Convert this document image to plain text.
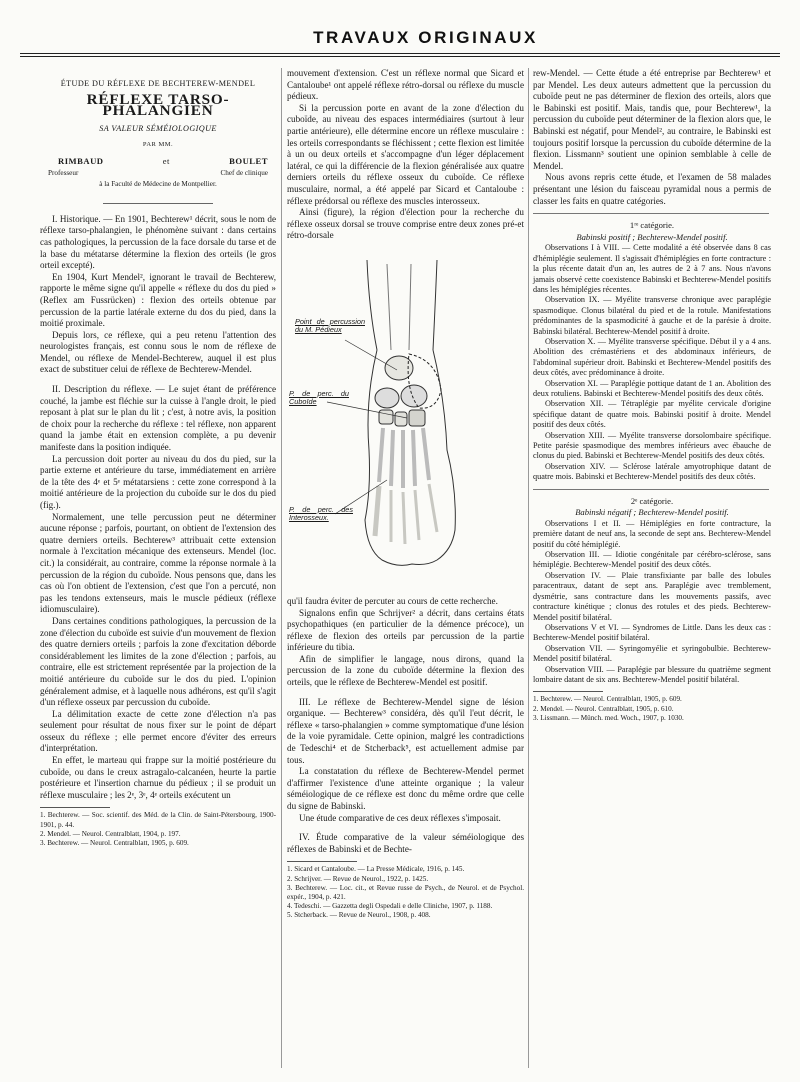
TRAVAUX ORIGINAUX
ÉTUDE DU RÉFLEXE DE BECHTEREW-MENDEL
RÉFLEXE TARSO-PHALANGIEN
SA VALEUR SÉMÉIOLOGIQUE
PAR MM.
RIMBAUD	et	BOULET
Professeur	Chef de clinique
à la Faculté de Médecine de Montpellier.

I. Historique. — En 1901, Bechterew¹ décrit, sous le nom de réflexe tarso-phalangien, le phénomène suivant : dans certains cas pathologiques, la percussion de la face dorsale du tarse et de la base du métatarse détermine la flexion des orteils (le gros orteil excepté).

En 1904, Kurt Mendel², ignorant le travail de Bechterew, rapporte le même signe qu'il appelle « réflexe du dos du pied » (Reflex am Fussrücken) : flexion des orteils obtenue par percussion de la partie latérale externe du dos du pied, dans la moitié proximale.

Depuis lors, ce réflexe, qui a peu retenu l'attention des neurologistes français, est connu sous le nom de réflexe de Mendel, ou réflexe de Mendel-Bechterew, auquel il est plus exact de substituer celui de réflexe de Bechterew-Mendel.

II. Description du réflexe. — Le sujet étant de préférence couché, la jambe est fléchie sur la cuisse à l'angle droit, le pied reposant à plat sur le plan du lit ; c'est, à notre avis, la position de choix pour la recherche du réflexe : tel réflexe, non apparent quand la jambe était en extension complète, a pu devenir manifeste dans la position indiquée.

La percussion doit porter au niveau du dos du pied, sur la partie externe et antérieure du tarse, immédiatement en arrière de la tête des 4ᵉ et 5ᵉ métatarsiens : cette zone correspond à la moitié antérieure de la projection du cuboïde sur le dos du pied (fig.).

Normalement, une telle percussion peut ne déterminer aucune réponse ; parfois, pourtant, on obtient de l'extension des quatre derniers orteils. Bechterew³ attribuait cette extension normale à l'excitation mécanique des extenseurs. Mendel (loc. cit.) la considérait, au contraire, comme la réponse normale à la percussion de la région du cuboïde. Nous pensons que, dans les cas où l'on obtient de l'extension, c'est que l'on a percuté, non pas les tendons extenseurs, mais le muscle pédieux (réflexe idiomusculaire).

Dans certaines conditions pathologiques, la percussion de la zone d'élection du cuboïde est suivie d'un mouvement de flexion des quatre derniers orteils ; parfois la zone d'excitation déborde considérablement les limites de la zone d'élection ; parfois, au contraire, elle est strictement représentée par la projection de la moitié antérieure du cuboïde sur le dos du pied. L'opinion généralement admise, et à laquelle nous adhérons, est qu'il s'agit d'un réflexe osseux par percussion du cuboïde.

La délimitation exacte de cette zone d'élection n'a pas seulement pour résultat de nous fixer sur le point de départ osseux du réflexe ; elle permet encore d'éviter des erreurs d'interprétation.

En effet, le marteau qui frappe sur la moitié postérieure du cuboïde, ou dans le creux astragalo-calcanéen, heurte la partie postérieure et l'insertion charnue du pédieux ; il se produit un réflexe musculaire ; les 2ᵉ, 3ᵉ, 4ᵉ orteils exécutent un

1. Bechterew. — Soc. scientif. des Méd. de la Clin. de Saint-Pétersbourg, 1900-1901, p. 44.

2. Mendel. — Neurol. Centralblatt, 1904, p. 197.

3. Bechterew. — Neurol. Centralblatt, 1905, p. 609.

mouvement d'extension. C'est un réflexe normal que Sicard et Cantaloube¹ ont appelé réflexe rétro-dorsal ou réflexe du muscle pédieux.

Si la percussion porte en avant de la zone d'élection du cuboïde, au niveau des espaces intermédiaires (surtout à leur partie antérieure), elle détermine encore un réflexe musculaire : les orteils correspondants se fléchissent ; cette flexion est limitée à un ou deux orteils et s'accompagne d'un léger déplacement latéral, ce qui la différencie de la flexion généralisée aux quatre derniers orteils du réflexe osseux du cuboïde. Ce réflexe musculaire, normal, a été appelé par Sicard et Cantaloube : réflexe prédorsal ou réflexe des muscles interosseux.

Ainsi (figure), la région d'élection pour la recherche du réflexe osseux dorsal se trouve comprise entre deux zones pré-et rétro-dorsale

Point de percussion du M. Pédieux
P. de perc. du Cuboïde
P. de perc. des Interosseux.

qu'il faudra éviter de percuter au cours de cette recherche.

Signalons enfin que Schrijver² a décrit, dans certains états psychopathiques (en particulier de la démence précoce), un réflexe de flexion des orteils par percussion de la partie inférieure du tibia.

Afin de simplifier le langage, nous dirons, quand la percussion de la zone du cuboïde détermine la flexion des orteils, que le réflexe de Bechterew-Mendel est positif.

III. Le réflexe de Bechterew-Mendel signe de lésion organique. — Bechterew³ considéra, dès qu'il l'eut décrit, le réflexe « tarso-phalangien » comme symptomatique d'une lésion de la voie pyramidale. Cette opinion, malgré les contradictions de Tedeschi⁴ et de Stcherback⁵, est actuellement admise par tous.

La constatation du réflexe de Bechterew-Mendel permet d'affirmer l'existence d'une atteinte organique ; la valeur séméiologique de ce réflexe est donc du même ordre que celle du signe de Babinski.

Une étude comparative de ces deux réflexes s'imposait.

IV. Étude comparative de la valeur séméiologique des réflexes de Babinski et de Bechte-

1. Sicard et Cantaloube. — La Presse Médicale, 1916, p. 145.

2. Schrijver. — Revue de Neurol., 1922, p. 1425.

3. Bechterew. — Loc. cit., et Revue russe de Psych., de Neurol. et de Psychol. expér., 1904, p. 421.

4. Tedeschi. — Gazzetta degli Ospedali e delle Cliniche, 1907, p. 1188.

5. Stcherback. — Revue de Neurol., 1908, p. 408.

rew-Mendel. — Cette étude a été entreprise par Bechterew¹ et par Mendel. Les deux auteurs admettent que la percussion du cuboïde peut ne pas déterminer de flexion des orteils, alors que le Babinski est positif. Mais, tandis que, pour Bechterew¹, la percussion du cuboïde peut déterminer de la flexion alors que, le Babinski est négatif, pour Mendel², au contraire, le Babinski est toujours positif lorsque la percussion du cuboïde détermine de la flexion. Lissmann³ soutient une opinion semblable à celle de Mendel.

Nous avons repris cette étude, et l'examen de 58 malades présentant une lésion du faisceau pyramidal nous a permis de classer les faits en quatre catégories.

1ʳᵉ catégorie.

Babinski positif ; Bechterew-Mendel positif.

Observations I à VIII. — Cette modalité a été observée dans 8 cas d'hémiplégie seulement. Il s'agissait d'hémiplégies en forte contracture : la plus récente datait d'un an, les autres de 2 à 7 ans. Nous n'avons jamais observé cette coexistence Babinski et Bechterew-Mendel positifs dans les hémiplégies récentes.

Observation IX. — Myélite transverse chronique avec paraplégie spasmodique. Clonus bilatéral du pied et de la rotule. Manifestations prédominantes de la spasmodicité à gauche et de la parésie à droite. Babinski bilatéral. Bechterew-Mendel positif à droite.

Observation X. — Myélite transverse spécifique. Début il y a 4 ans. Abolition des crémastériens et des abdominaux inférieurs, de l'abdominal supérieur droit. Babinski et Bechterew-Mendel positifs des deux côtés, avec prédominance à droite.

Observation XI. — Paraplégie pottique datant de 1 an. Abolition des deux rotuliens. Babinski et Bechterew-Mendel positifs des deux côtés.

Observation XII. — Tétraplégie par myélite cervicale d'origine spécifique datant de quatre mois. Babinski positif à droite. Mendel positif des deux côtés.

Observation XIII. — Myélite transverse dorsolombaire spécifique. Petite parésie spasmodique des membres inférieurs avec ébauche de clonus du pied. Babinski et Bechterew-Mendel positifs des deux côtés.

Observation XIV. — Sclérose latérale amyotrophique datant de quatre mois. Babinski et Bechterew-Mendel positifs des deux côtés.

2ᵉ catégorie.

Babinski négatif ; Bechterew-Mendel positif.

Observations I et II. — Hémiplégies en forte contracture, la première datant de neuf ans, la seconde de sept ans. Bechterew-Mendel positif du côté hémiplégié.

Observation III. — Idiotie congénitale par cérébro-sclérose, sans hémiplégie. Bechterew-Mendel positif des deux côtés.

Observation IV. — Plaie transfixiante par balle des lobules paracentraux, datant de sept ans. Paraplégie avec tremblement, dysmétrie, sans contracture dans les mouvements passifs, avec contracture kinétique ; clonus des rotules et des pieds. Bechterew-Mendel positif bilatéral.

Observations V et VI. — Syndromes de Little. Dans les deux cas : Bechterew-Mendel positif bilatéral.

Observation VII. — Syringomyélie et syringobulbie. Bechterew-Mendel positif bilatéral.

Observation VIII. — Paraplégie par blessure du quatrième segment lombaire datant de six ans. Bechterew-Mendel positif bilatéral.

1. Bechterew. — Neurol. Centralblatt, 1905, p. 609.

2. Mendel. — Neurol. Centralblatt, 1905, p. 610.

3. Lissmann. — Münch. med. Woch., 1907, p. 1030.
